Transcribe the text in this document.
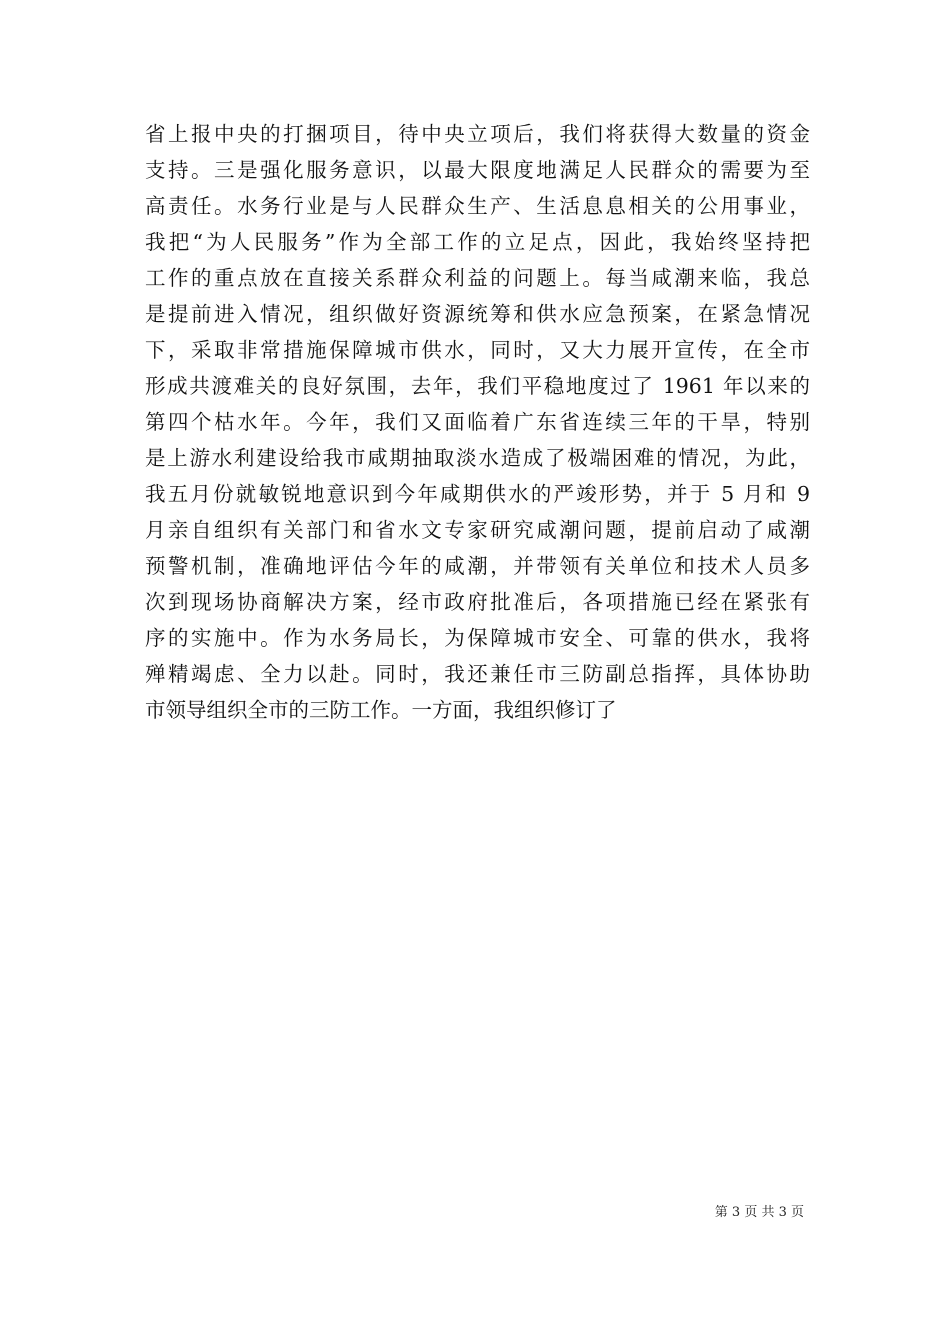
省上报中央的打捆项目，待中央立项后，我们将获得大数量的资金
支持。三是强化服务意识，以最大限度地满足人民群众的需要为至
高责任。水务行业是与人民群众生产、生活息息相关的公用事业，
我把“为人民服务”作为全部工作的立足点，因此，我始终坚持把
工作的重点放在直接关系群众利益的问题上。每当咸潮来临，我总
是提前进入情况，组织做好资源统筹和供水应急预案，在紧急情况
下，采取非常措施保障城市供水，同时，又大力展开宣传，在全市
形成共渡难关的良好氛围，去年，我们平稳地度过了 1961 年以来的
第四个枯水年。今年，我们又面临着广东省连续三年的干旱，特别
是上游水利建设给我市咸期抽取淡水造成了极端困难的情况，为此，
我五月份就敏锐地意识到今年咸期供水的严竣形势，并于 5 月和 9
月亲自组织有关部门和省水文专家研究咸潮问题，提前启动了咸潮
预警机制，准确地评估今年的咸潮，并带领有关单位和技术人员多
次到现场协商解决方案，经市政府批准后，各项措施已经在紧张有
序的实施中。作为水务局长，为保障城市安全、可靠的供水，我将
殚精竭虑、全力以赴。同时，我还兼任市三防副总指挥，具体协助
市领导组织全市的三防工作。一方面，我组织修订了
第 3 页 共 3 页
